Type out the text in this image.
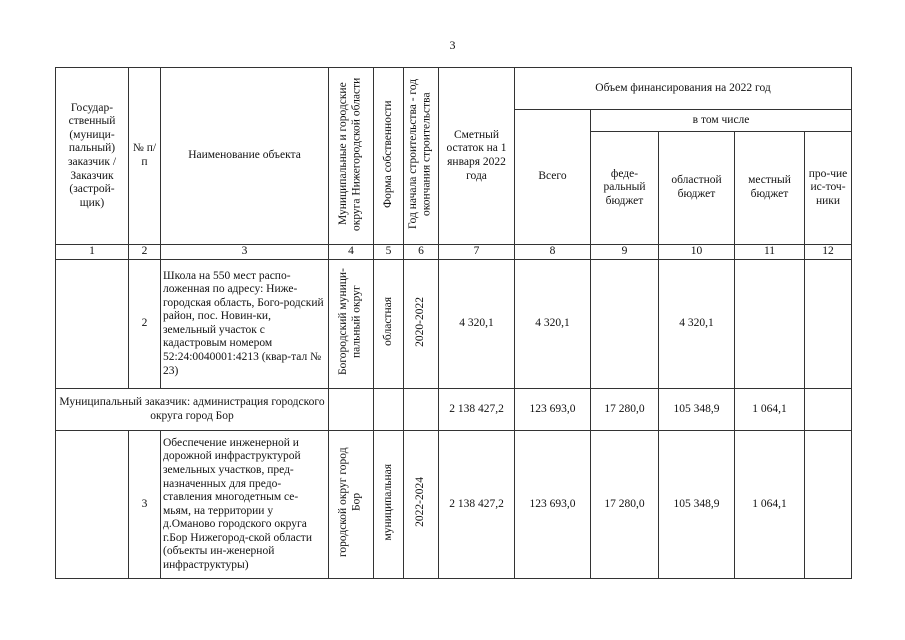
3
Государ-ственный (муници-пальный) заказчик / Заказчик (застрой-щик)	№ п/п	Наименование объекта	Муниципальные и городские округа Нижегородской области	Форма собственности	Год начала строительства - год окончания строительства	Сметный остаток на 1 января 2022 года	Объем финансирования на 2022 год				
							Всего	в том числе			
								феде-ральный бюджет	областной бюджет	местный бюджет	про-чие ис-точ-ники
1	2	3	4	5	6	7	8	9	10	11	12
	2	Школа на 550 мест распо-ложенная по адресу: Ниже-городская область, Бого-родский район, пос. Новин-ки, земельный участок с кадастровым номером 52:24:0040001:4213 (квар-тал № 23)	Богородский муници-пальный округ	областная	2020-2022	4 320,1	4 320,1		4 320,1		
Муниципальный заказчик: администрация городского округа город Бор						2 138 427,2	123 693,0	17 280,0	105 348,9	1 064,1	
	3	Обеспечение инженерной и дорожной инфраструктурой земельных участков, пред-назначенных для предо-ставления многодетным се-мьям, на территории у д.Оманово городского округа г.Бор Нижегород-ской области (объекты ин-женерной инфраструктуры)	городской округ город Бор	муниципальная	2022-2024	2 138 427,2	123 693,0	17 280,0	105 348,9	1 064,1	
